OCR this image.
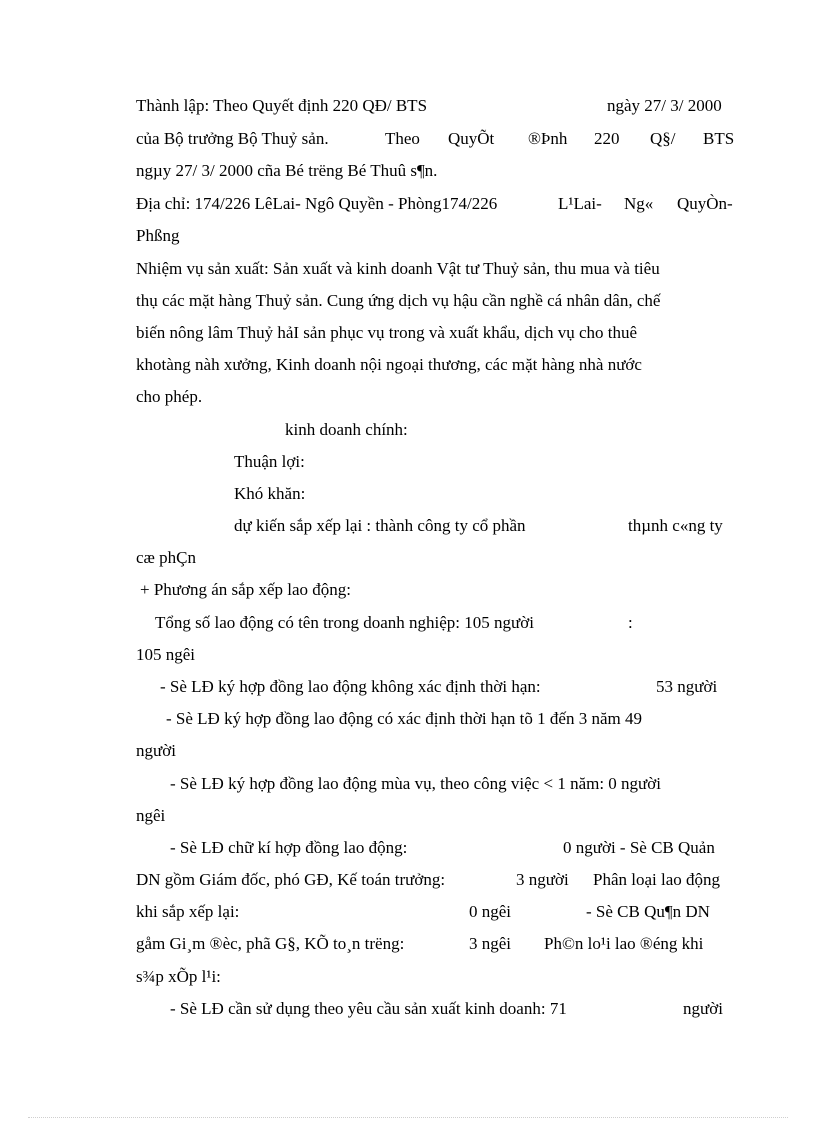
Thành lập: Theo Quyết định 220 QĐ/ BTS	ngày 27/ 3/ 2000
của Bộ trưởng Bộ Thuỷ sản.	Theo QuyÕt ®Þnh 220 Q§/ BTS
ngµy 27/ 3/ 2000 cña Bé trëng Bé Thuû s¶n.
Địa chỉ: 174/226 LêLai- Ngô Quyền - Phòng174/226	L¹Lai- Ng« QuyÒn-
Phßng
Nhiệm vụ sản xuất: Sản xuất và kinh doanh Vật tư Thuỷ sản, thu mua và tiêu
thụ các mặt hàng Thuỷ sản. Cung ứng dịch vụ hậu cần nghề cá nhân dân, chế
biến nông lâm Thuỷ hảI sản phục vụ trong và xuất khẩu, dịch vụ cho thuê
khotàng nàh xưởng, Kinh doanh nội ngoại thương, các mặt hàng nhà nước
cho phép.
kinh doanh chính:
Thuận lợi:
Khó khăn:
dự kiến sắp xếp lại : thành công ty cổ phần	thµnh c«ng ty
cæ phÇn
+ Phương án sắp xếp lao động:
Tổng số lao động có tên trong doanh nghiệp: 105 người	:
105 ngêi
- Sè LĐ ký hợp đồng lao động không xác định thời hạn:	53 người
- Sè LĐ ký hợp đồng lao động có xác định thời hạn tõ 1 đến 3 năm 49
người
- Sè LĐ ký hợp đồng lao động mùa vụ, theo công việc < 1 năm: 0 người
ngêi
- Sè LĐ chữ kí hợp đồng lao động:	0 người - Sè CB Quản
DN gồm Giám đốc, phó GĐ, Kế toán trưởng:	3 người Phân loại lao động
khi sắp xếp lại:	0 ngêi	- Sè CB Qu¶n DN
gåm Gi¸m ®èc, phã G§, KÕ to¸n trëng:	3 ngêi Ph©n lo¹i lao ®éng khi
s¾p xÕp l¹i:
- Sè LĐ cần sử dụng theo yêu cầu sản xuất kinh doanh: 71	người
